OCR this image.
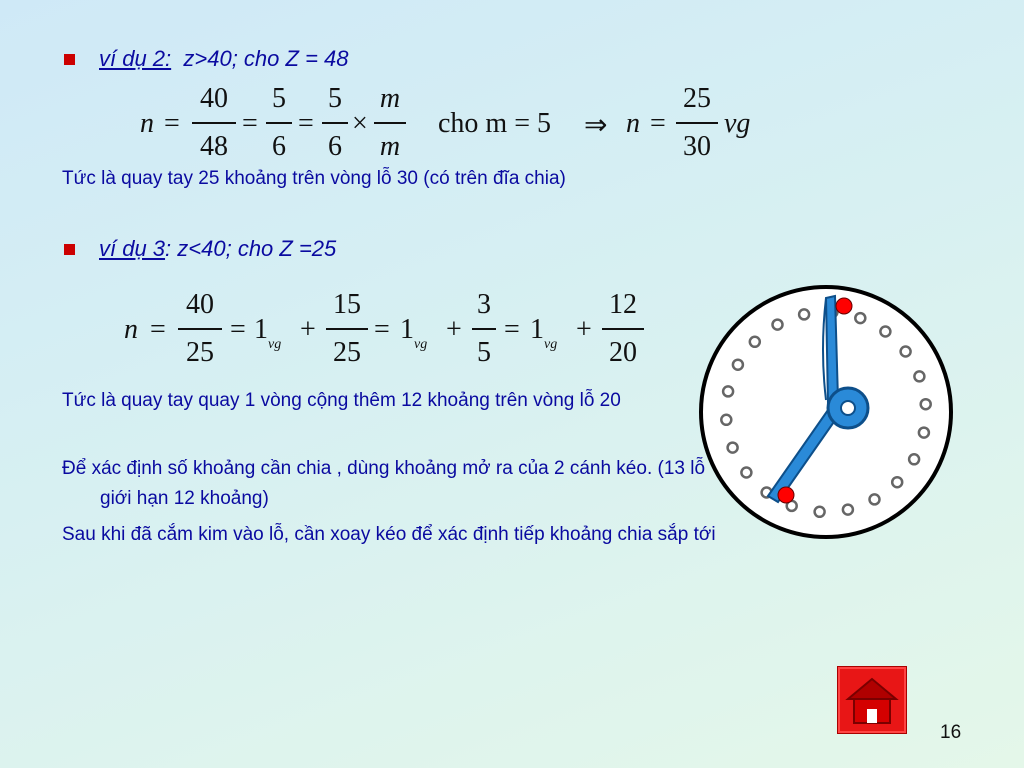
ví dụ 2: z>40; cho Z = 48
n =
40
48
=
5
6
=
5
6
×
m
m
cho m = 5 ⇒ n =
25
30
vg
Tức là quay tay 25 khoảng trên vòng lỗ 30 (có trên đĩa chia)
ví dụ 3: z<40; cho Z =25
n =
40
25
= $1_{vg}$ +
15
25
= $1_{vg}$ +
3
5
= $1_{vg}$ +
12
20
Tức là quay tay quay 1 vòng cộng thêm 12 khoảng trên vòng lỗ 20
Để xác định số khoảng cần chia , dùng khoảng mở ra của 2 cánh kéo. (13 lỗ giới hạn 12 khoảng)
Sau khi đã cắm kim vào lỗ, cần xoay kéo để xác định tiếp khoảng chia sắp tới
16
